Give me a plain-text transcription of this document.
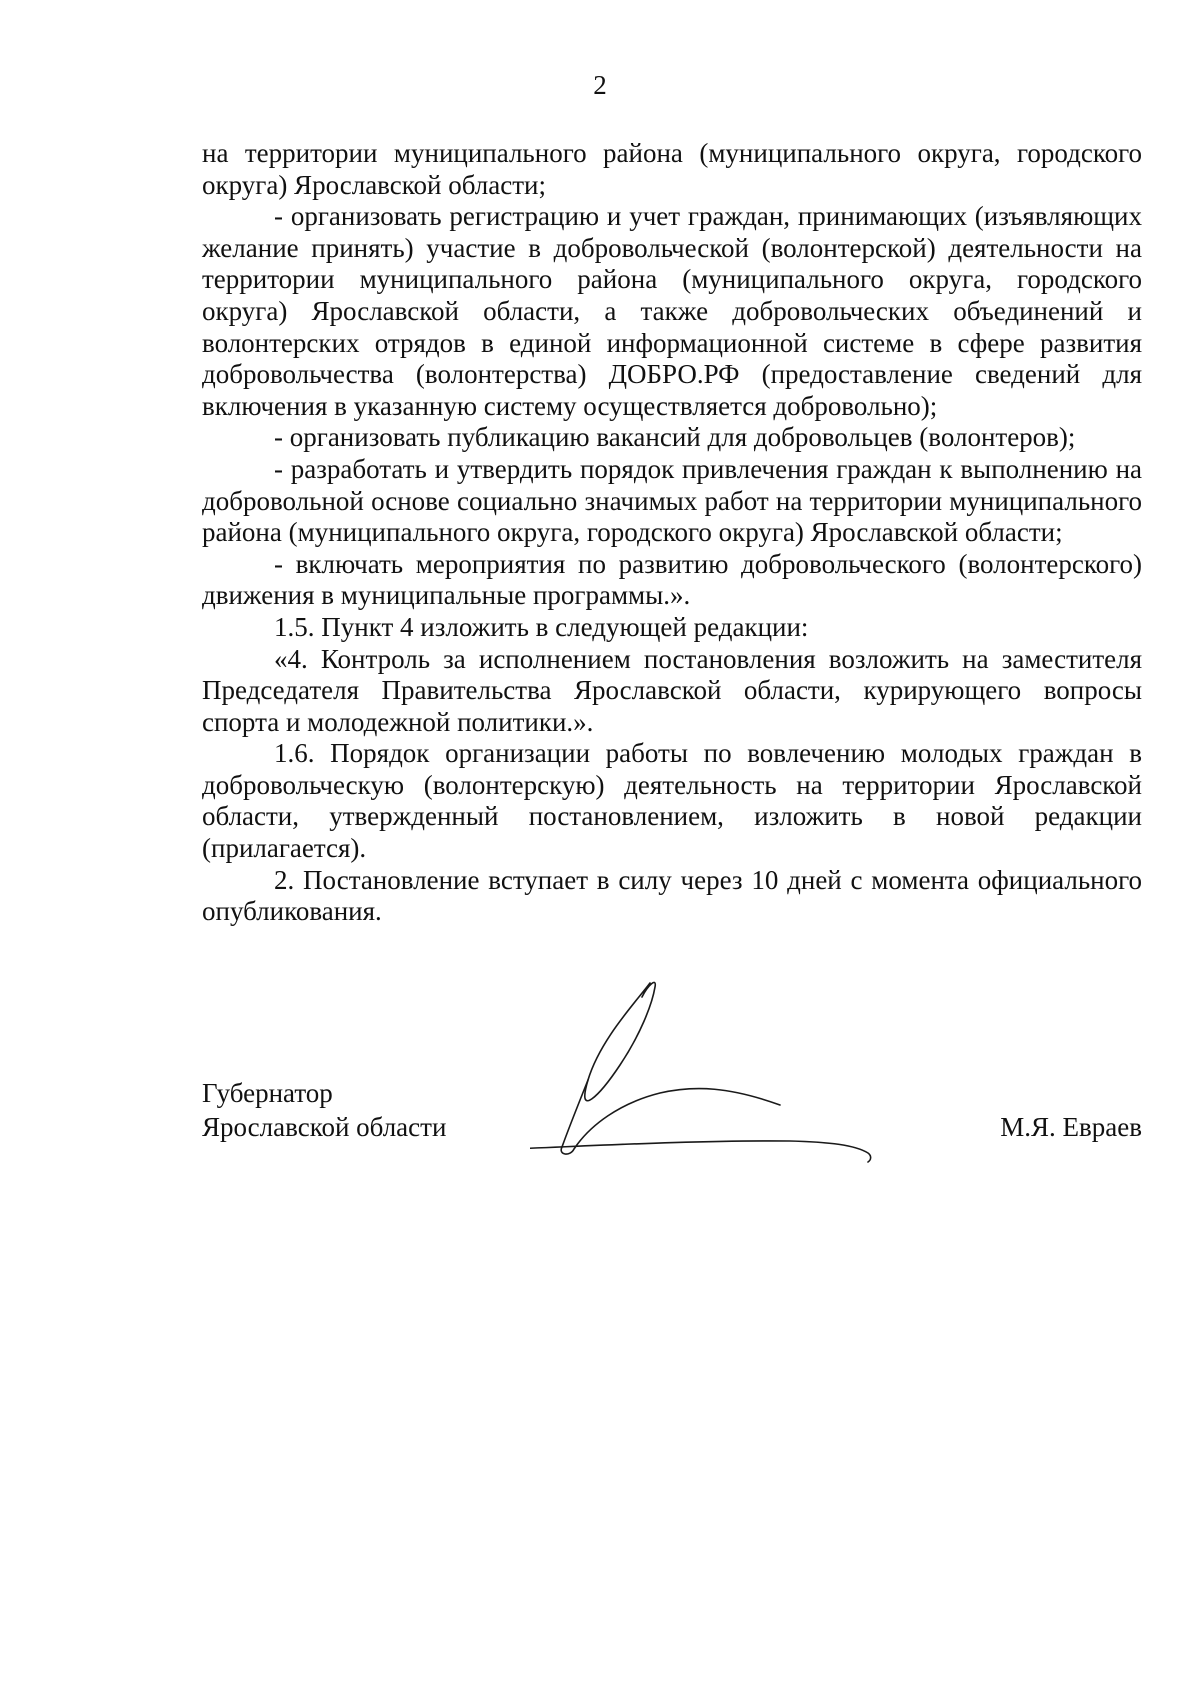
2

на территории муниципального района (муниципального округа, городского округа) Ярославской области;

- организовать регистрацию и учет граждан, принимающих (изъявляющих желание принять) участие в добровольческой (волонтерской) деятельности на территории муниципального района (муниципального округа, городского округа) Ярославской области, а также добровольческих объединений и волонтерских отрядов в единой информационной системе в сфере развития добровольчества (волонтерства) ДОБРО.РФ (предоставление сведений для включения в указанную систему осуществляется добровольно);

- организовать публикацию вакансий для добровольцев (волонтеров);

- разработать и утвердить порядок привлечения граждан к выполнению на добровольной основе социально значимых работ на территории муниципального района (муниципального округа, городского округа) Ярославской области;

- включать мероприятия по развитию добровольческого (волонтерского) движения в муниципальные программы.».

1.5. Пункт 4 изложить в следующей редакции:

«4. Контроль за исполнением постановления возложить на заместителя Председателя Правительства Ярославской области, курирующего вопросы спорта и молодежной политики.».

1.6. Порядок организации работы по вовлечению молодых граждан в добровольческую (волонтерскую) деятельность на территории Ярославской области, утвержденный постановлением, изложить в новой редакции (прилагается).

2. Постановление вступает в силу через 10 дней с момента официального опубликования.

Губернатор
Ярославской области	М.Я. Евраев
